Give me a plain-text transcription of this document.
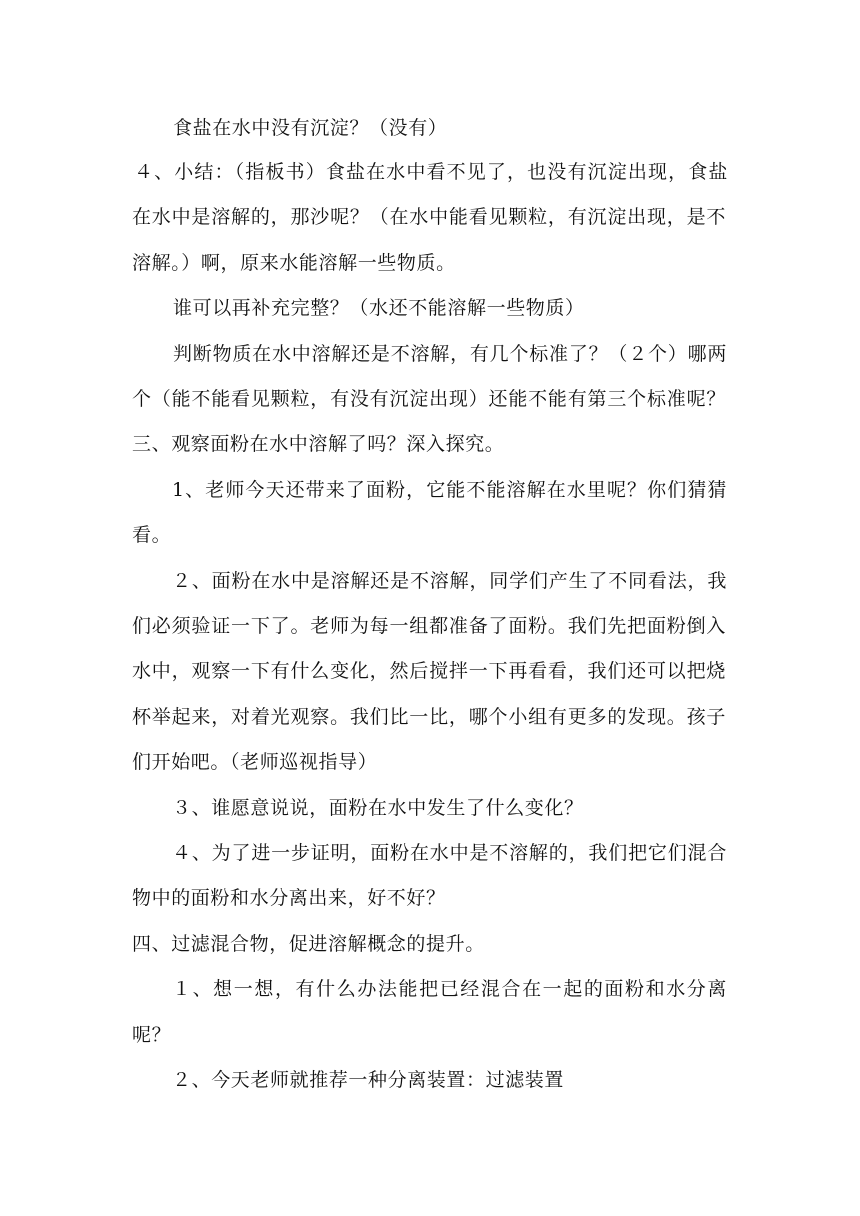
食盐在水中没有沉淀？（没有）
４、小结：（指板书）食盐在水中看不见了，也没有沉淀出现，食盐
在水中是溶解的，那沙呢？（在水中能看见颗粒，有沉淀出现，是不
溶解。）啊，原来水能溶解一些物质。
谁可以再补充完整？（水还不能溶解一些物质）
判断物质在水中溶解还是不溶解，有几个标准了？（２个）哪两
个（能不能看见颗粒，有没有沉淀出现）还能不能有第三个标准呢？
三、观察面粉在水中溶解了吗？深入探究。
1、老师今天还带来了面粉，它能不能溶解在水里呢？你们猜猜
看。
２、面粉在水中是溶解还是不溶解，同学们产生了不同看法，我
们必须验证一下了。老师为每一组都准备了面粉。我们先把面粉倒入
水中，观察一下有什么变化，然后搅拌一下再看看，我们还可以把烧
杯举起来，对着光观察。我们比一比，哪个小组有更多的发现。孩子
们开始吧。（老师巡视指导）
３、谁愿意说说，面粉在水中发生了什么变化？
４、为了进一步证明，面粉在水中是不溶解的，我们把它们混合
物中的面粉和水分离出来，好不好？
四、过滤混合物，促进溶解概念的提升。
１、想一想，有什么办法能把已经混合在一起的面粉和水分离
呢？
２、今天老师就推荐一种分离装置：过滤装置
